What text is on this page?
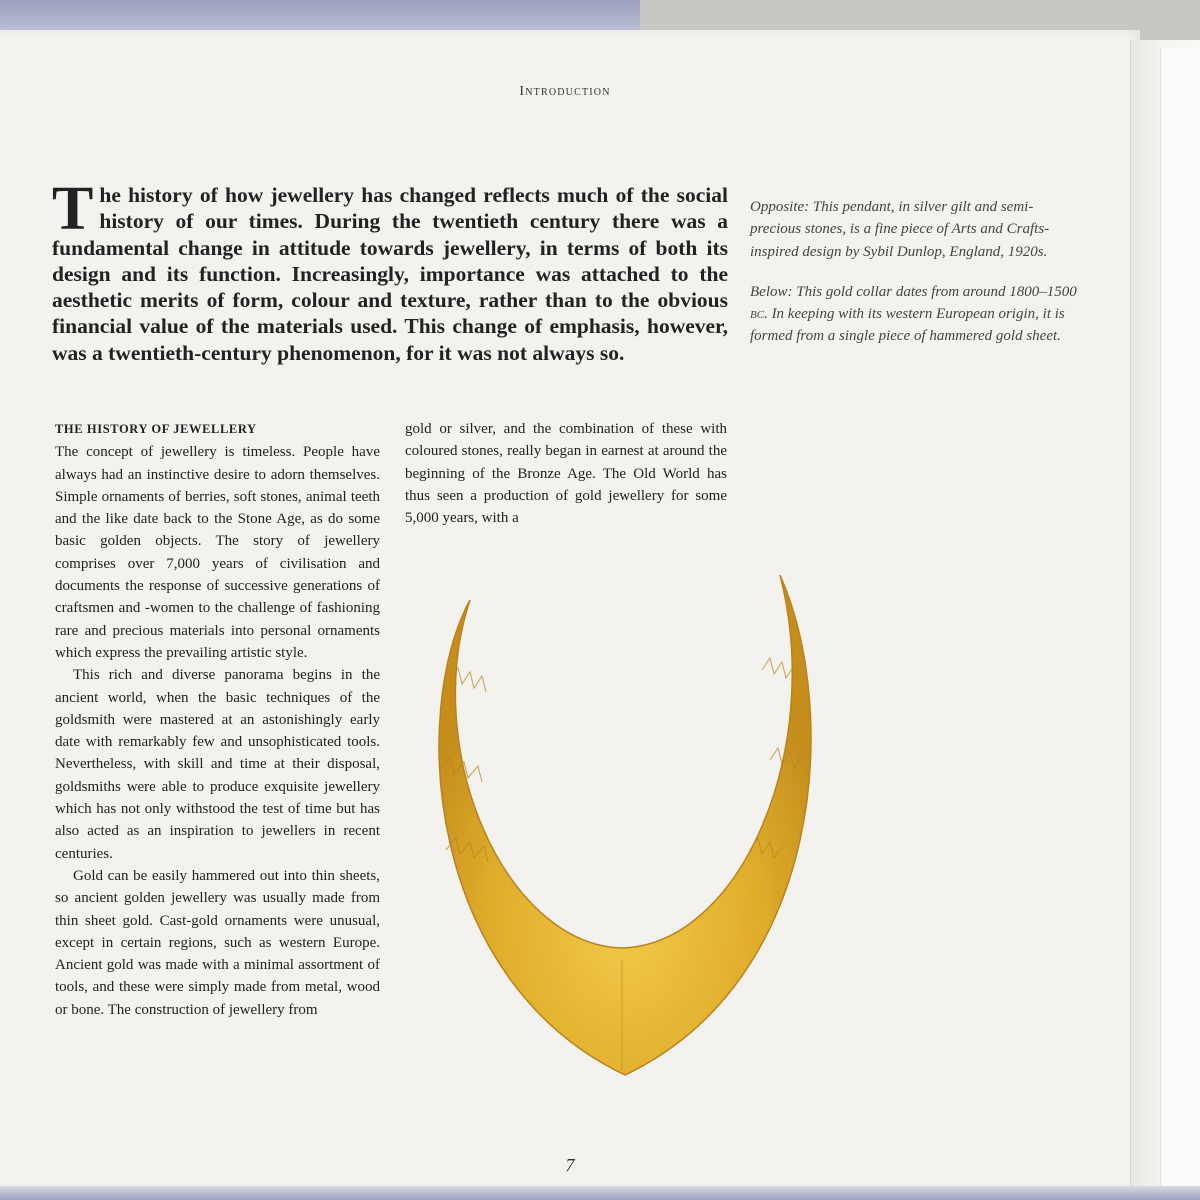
Introduction
The history of how jewellery has changed reflects much of the social history of our times. During the twentieth century there was a fundamental change in attitude towards jewellery, in terms of both its design and its function. Increasingly, importance was attached to the aesthetic merits of form, colour and texture, rather than to the obvious financial value of the materials used. This change of emphasis, however, was a twentieth-century phenomenon, for it was not always so.

Opposite: This pendant, in silver gilt and semi-precious stones, is a fine piece of Arts and Crafts-inspired design by Sybil Dunlop, England, 1920s.

Below: This gold collar dates from around 1800–1500 bc. In keeping with its western European origin, it is formed from a single piece of hammered gold sheet.

THE HISTORY OF JEWELLERY

The concept of jewellery is timeless. People have always had an instinctive desire to adorn themselves. Simple ornaments of berries, soft stones, animal teeth and the like date back to the Stone Age, as do some basic golden objects. The story of jewellery comprises over 7,000 years of civilisation and documents the response of successive generations of craftsmen and -women to the challenge of fashioning rare and precious materials into personal ornaments which express the prevailing artistic style.

This rich and diverse panorama begins in the ancient world, when the basic techniques of the goldsmith were mastered at an astonishingly early date with remarkably few and unsophisticated tools. Nevertheless, with skill and time at their disposal, goldsmiths were able to produce exquisite jewellery which has not only withstood the test of time but has also acted as an inspiration to jewellers in recent centuries.

Gold can be easily hammered out into thin sheets, so ancient golden jewellery was usually made from thin sheet gold. Cast-gold ornaments were unusual, except in certain regions, such as western Europe. Ancient gold was made with a minimal assortment of tools, and these were simply made from metal, wood or bone. The construction of jewellery from

gold or silver, and the combination of these with coloured stones, really began in earnest at around the beginning of the Bronze Age. The Old World has thus seen a production of gold jewellery for some 5,000 years, with a

7
